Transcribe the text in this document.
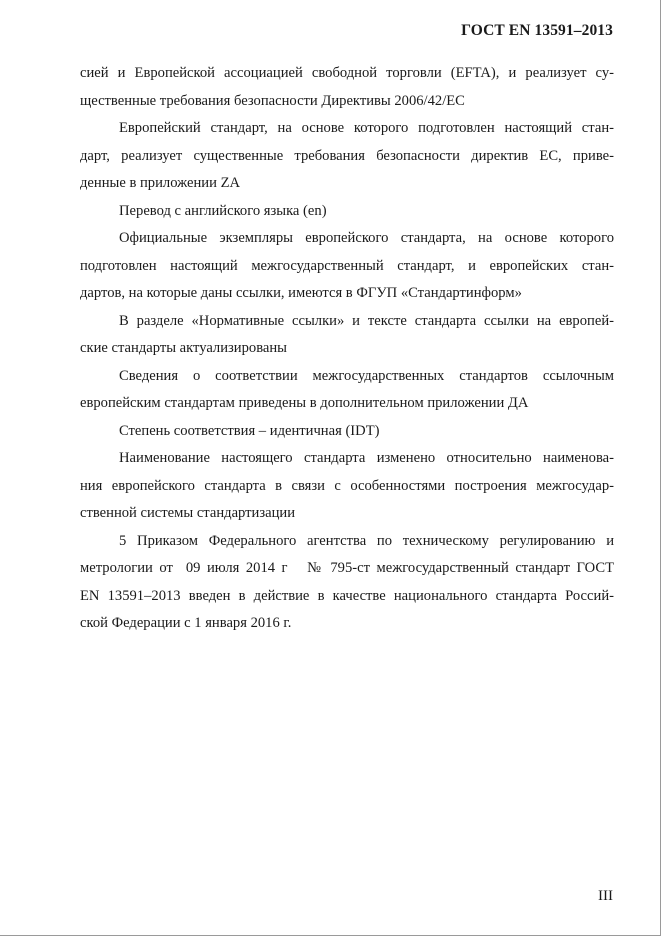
ГОСТ EN 13591–2013
сией и Европейской ассоциацией свободной торговли (EFTA), и реализует су-
щественные требования безопасности Директивы 2006/42/ЕС
Европейский стандарт, на основе которого подготовлен настоящий стан-
дарт, реализует существенные требования безопасности директив ЕС, приве-
денные в приложении ZA
Перевод с английского языка (en)
Официальные экземпляры европейского стандарта, на основе которого
подготовлен настоящий межгосударственный стандарт, и европейских стан-
дартов, на которые даны ссылки, имеются в ФГУП «Стандартинформ»
В разделе «Нормативные ссылки» и тексте стандарта ссылки на европей-
ские стандарты актуализированы
Сведения о соответствии межгосударственных стандартов ссылочным
европейским стандартам приведены в дополнительном приложении ДА
Степень соответствия – идентичная (IDT)
Наименование настоящего стандарта изменено относительно наименова-
ния европейского стандарта в связи с особенностями построения межгосудар-
ственной системы стандартизации
5 Приказом Федерального агентства по техническому регулированию и
метрологии от  09 июля 2014 г   № 795-ст межгосударственный стандарт ГОСТ
EN 13591–2013 введен в действие в качестве национального стандарта Россий-
ской Федерации с 1 января 2016 г.
III
